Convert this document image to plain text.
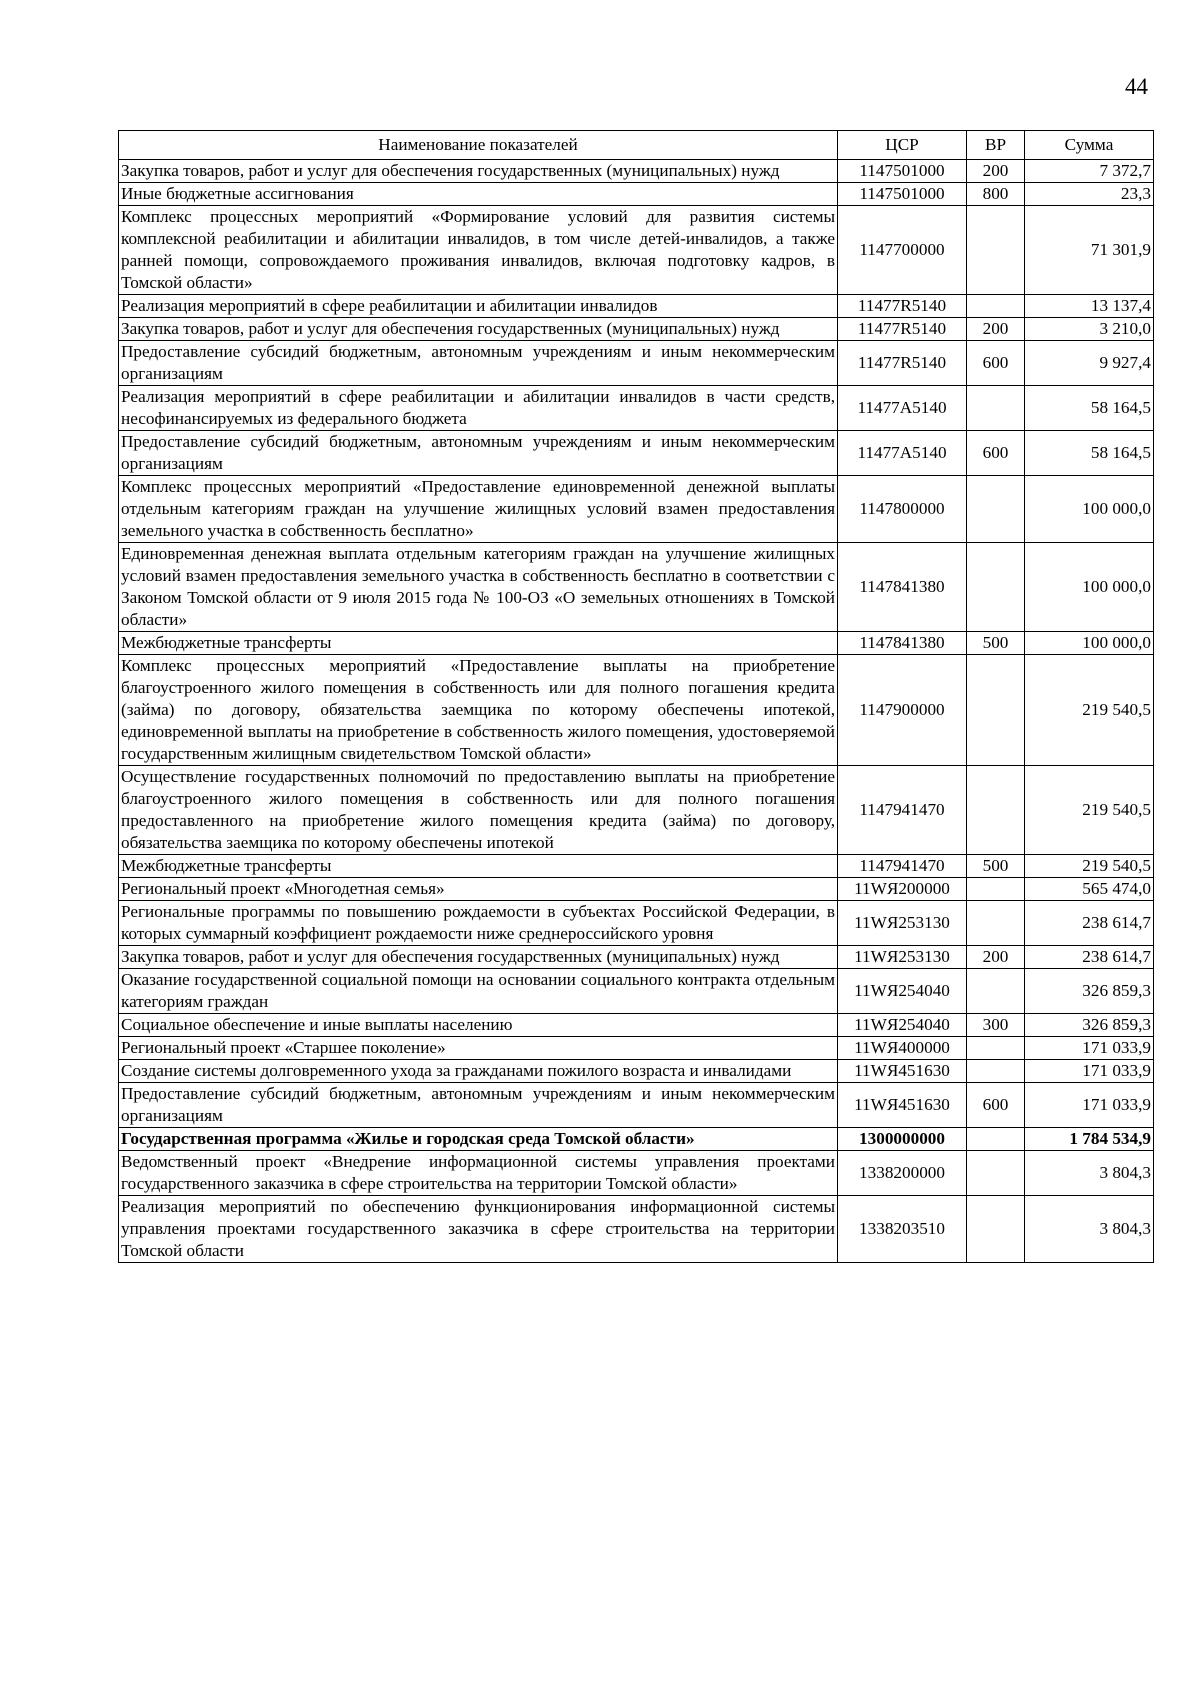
44
Наименование показателей	ЦСР	ВР	Сумма
Закупка товаров, работ и услуг для обеспечения государственных (муниципальных) нужд	1147501000	200	7 372,7
Иные бюджетные ассигнования	1147501000	800	23,3
Комплекс процессных мероприятий «Формирование условий для развития системы комплексной реабилитации и абилитации инвалидов, в том числе детей-инвалидов, а также ранней помощи, сопровождаемого проживания инвалидов, включая подготовку кадров, в Томской области»	1147700000		71 301,9
Реализация мероприятий в сфере реабилитации и абилитации инвалидов	11477R5140		13 137,4
Закупка товаров, работ и услуг для обеспечения государственных (муниципальных) нужд	11477R5140	200	3 210,0
Предоставление субсидий бюджетным, автономным учреждениям и иным некоммерческим организациям	11477R5140	600	9 927,4
Реализация мероприятий в сфере реабилитации и абилитации инвалидов в части средств, несофинансируемых из федерального бюджета	11477A5140		58 164,5
Предоставление субсидий бюджетным, автономным учреждениям и иным некоммерческим организациям	11477A5140	600	58 164,5
Комплекс процессных мероприятий «Предоставление единовременной денежной выплаты отдельным категориям граждан на улучшение жилищных условий взамен предоставления земельного участка в собственность бесплатно»	1147800000		100 000,0
Единовременная денежная выплата отдельным категориям граждан на улучшение жилищных условий взамен предоставления земельного участка в собственность бесплатно в соответствии с Законом Томской области от 9 июля 2015 года № 100-ОЗ «О земельных отношениях в Томской области»	1147841380		100 000,0
Межбюджетные трансферты	1147841380	500	100 000,0
Комплекс процессных мероприятий «Предоставление выплаты на приобретение благоустроенного жилого помещения в собственность или для полного погашения кредита (займа) по договору, обязательства заемщика по которому обеспечены ипотекой, единовременной выплаты на приобретение в собственность жилого помещения, удостоверяемой государственным жилищным свидетельством Томской области»	1147900000		219 540,5
Осуществление государственных полномочий по предоставлению выплаты на приобретение благоустроенного жилого помещения в собственность или для полного погашения предоставленного на приобретение жилого помещения кредита (займа) по договору, обязательства заемщика по которому обеспечены ипотекой	1147941470		219 540,5
Межбюджетные трансферты	1147941470	500	219 540,5
Региональный проект «Многодетная семья»	11WЯ200000		565 474,0
Региональные программы по повышению рождаемости в субъектах Российской Федерации, в которых суммарный коэффициент рождаемости ниже среднероссийского уровня	11WЯ253130		238 614,7
Закупка товаров, работ и услуг для обеспечения государственных (муниципальных) нужд	11WЯ253130	200	238 614,7
Оказание государственной социальной помощи на основании социального контракта отдельным категориям граждан	11WЯ254040		326 859,3
Социальное обеспечение и иные выплаты населению	11WЯ254040	300	326 859,3
Региональный проект «Старшее поколение»	11WЯ400000		171 033,9
Создание системы долговременного ухода за гражданами пожилого возраста и инвалидами	11WЯ451630		171 033,9
Предоставление субсидий бюджетным, автономным учреждениям и иным некоммерческим организациям	11WЯ451630	600	171 033,9
Государственная программа «Жилье и городская среда Томской области»	1300000000		1 784 534,9
Ведомственный проект «Внедрение информационной системы управления проектами государственного заказчика в сфере строительства на территории Томской области»	1338200000		3 804,3
Реализация мероприятий по обеспечению функционирования информационной системы управления проектами государственного заказчика в сфере строительства на территории Томской области	1338203510		3 804,3
